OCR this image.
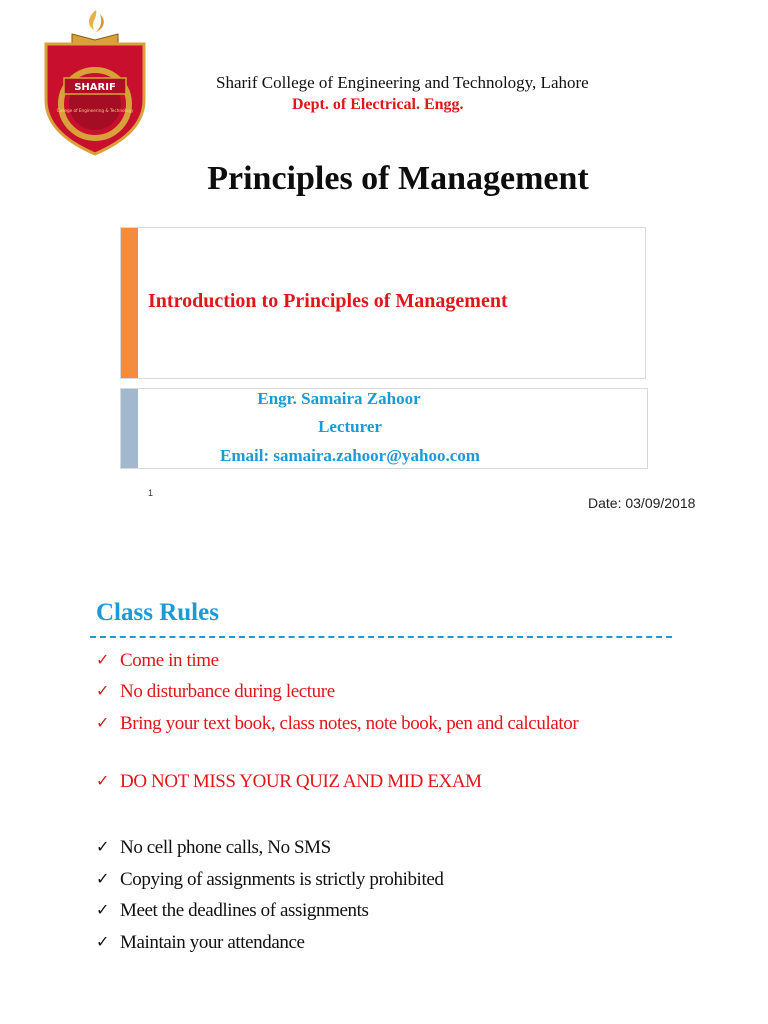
SHARIF
College of Engineering & Technology
Sharif College of Engineering and Technology, Lahore
Dept. of Electrical. Engg.
Principles of Management
Introduction to Principles of Management
Engr. Samaira Zahoor
Lecturer
Email: samaira.zahoor@yahoo.com
1
Date: 03/09/2018
Class Rules
✓ Come in time
✓ No disturbance during lecture
✓ Bring your text book, class notes, note book, pen and calculator
✓ DO NOT MISS YOUR QUIZ AND MID EXAM
✓ No cell phone calls, No SMS
✓ Copying of assignments is strictly prohibited
✓ Meet the deadlines of assignments
✓ Maintain your attendance
